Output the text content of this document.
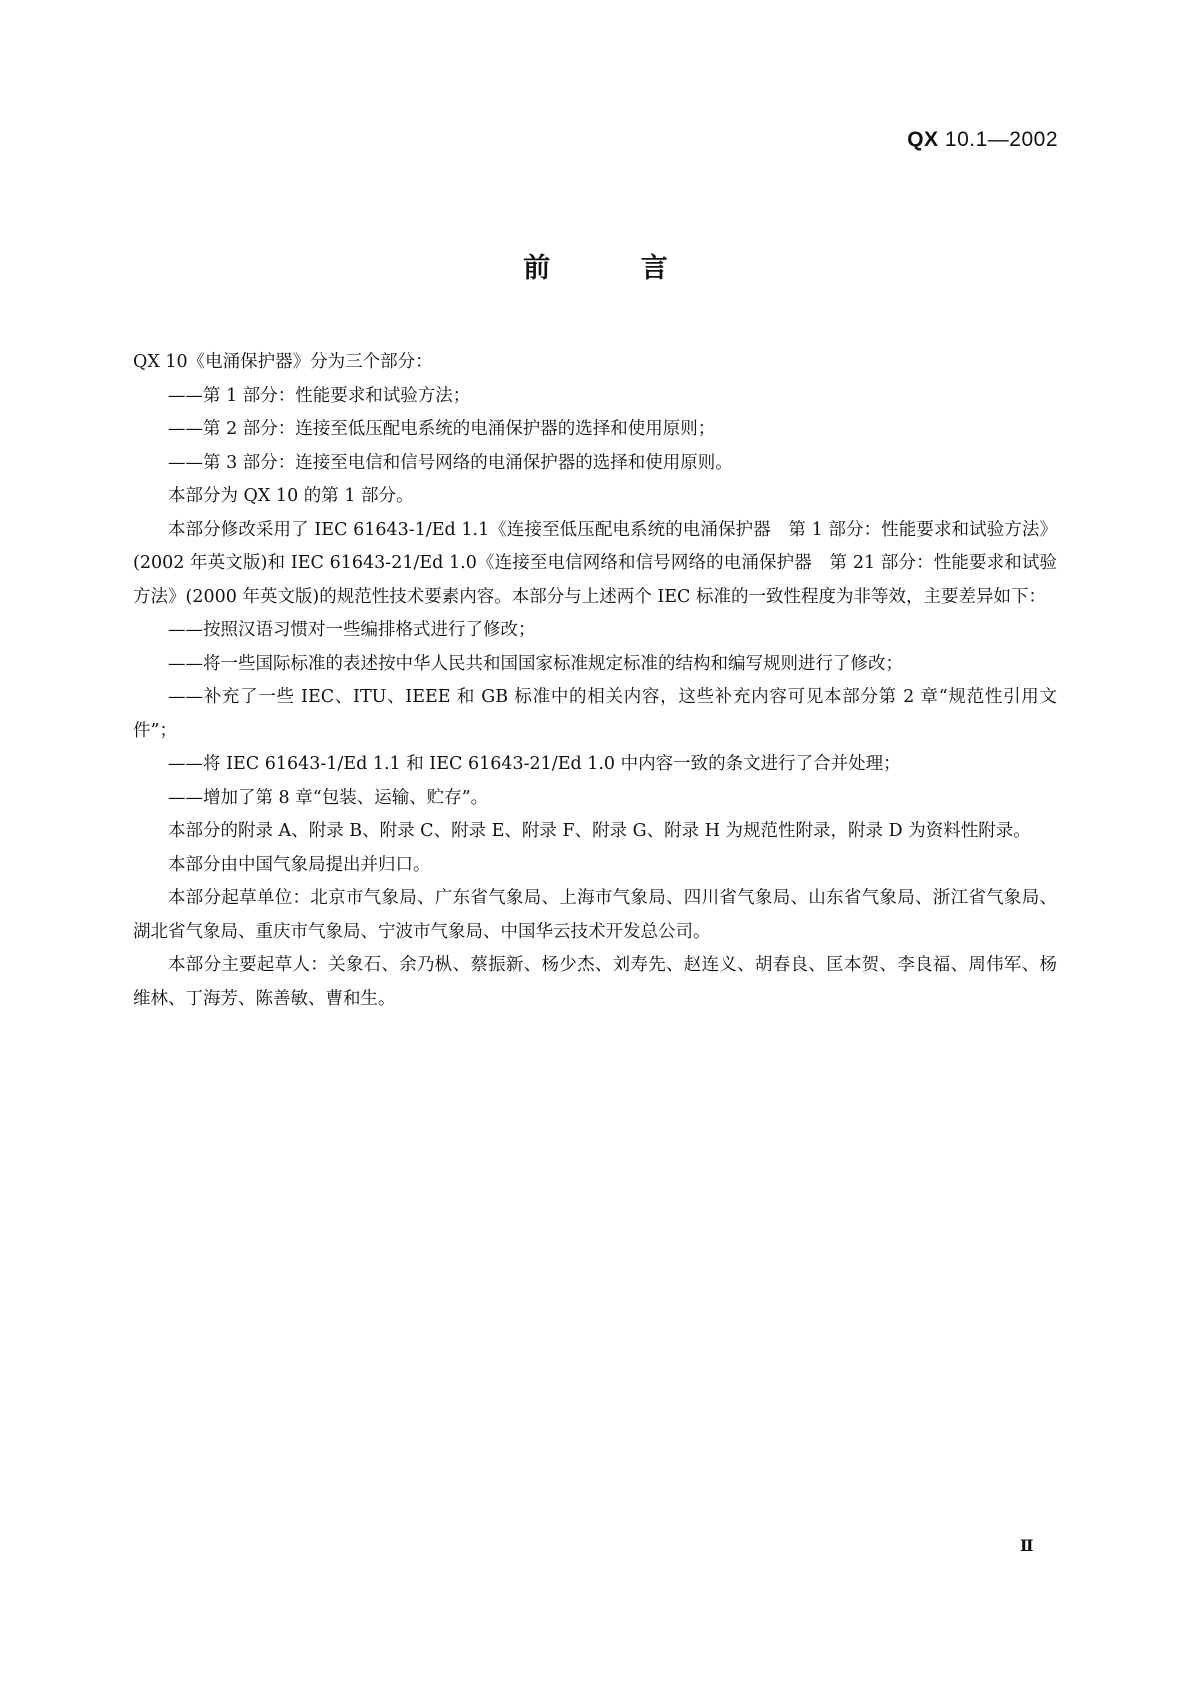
QX 10.1—2002
前 言

QX 10《电涌保护器》分为三个部分：

——第 1 部分：性能要求和试验方法；

——第 2 部分：连接至低压配电系统的电涌保护器的选择和使用原则；

——第 3 部分：连接至电信和信号网络的电涌保护器的选择和使用原则。

本部分为 QX 10 的第 1 部分。

本部分修改采用了 IEC 61643-1/Ed 1.1《连接至低压配电系统的电涌保护器　第 1 部分：性能要求和试验方法》(2002 年英文版)和 IEC 61643-21/Ed 1.0《连接至电信网络和信号网络的电涌保护器　第 21 部分：性能要求和试验方法》(2000 年英文版)的规范性技术要素内容。本部分与上述两个 IEC 标准的一致性程度为非等效，主要差异如下：

——按照汉语习惯对一些编排格式进行了修改；

——将一些国际标准的表述按中华人民共和国国家标准规定标准的结构和编写规则进行了修改；

——补充了一些 IEC、ITU、IEEE 和 GB 标准中的相关内容，这些补充内容可见本部分第 2 章“规范性引用文件”；

——将 IEC 61643-1/Ed 1.1 和 IEC 61643-21/Ed 1.0 中内容一致的条文进行了合并处理；

——增加了第 8 章“包装、运输、贮存”。

本部分的附录 A、附录 B、附录 C、附录 E、附录 F、附录 G、附录 H 为规范性附录，附录 D 为资料性附录。

本部分由中国气象局提出并归口。

本部分起草单位：北京市气象局、广东省气象局、上海市气象局、四川省气象局、山东省气象局、浙江省气象局、湖北省气象局、重庆市气象局、宁波市气象局、中国华云技术开发总公司。

本部分主要起草人：关象石、余乃枞、蔡振新、杨少杰、刘寿先、赵连义、胡春良、匡本贺、李良福、周伟军、杨维林、丁海芳、陈善敏、曹和生。

Ⅱ
